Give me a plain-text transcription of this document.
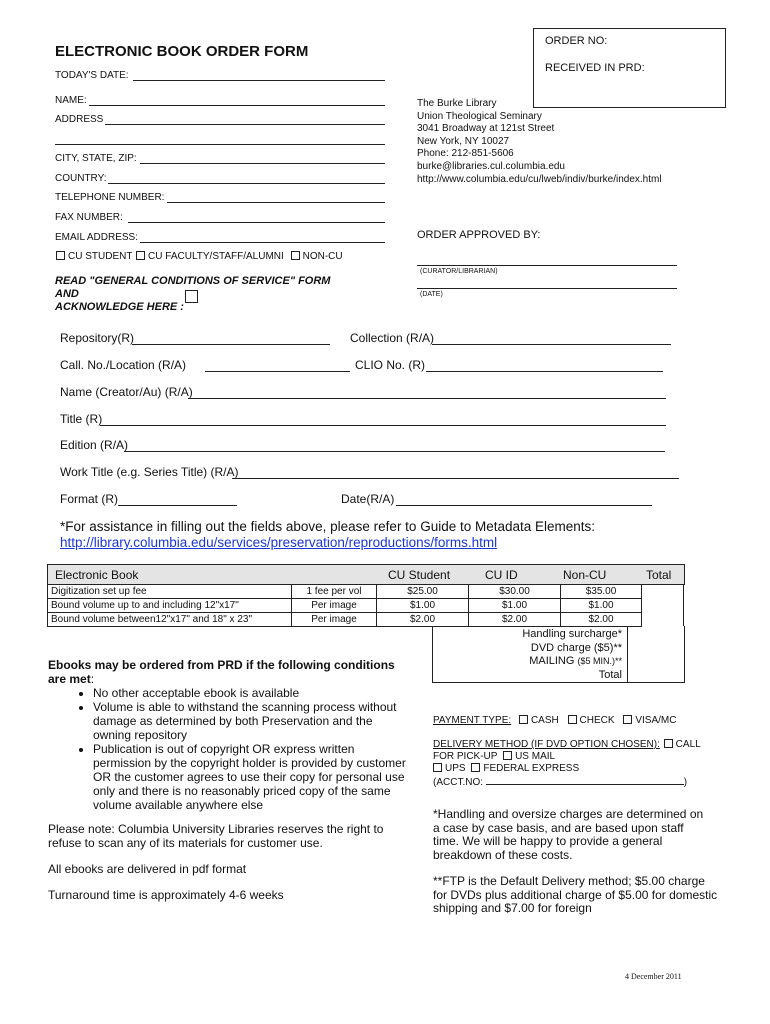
ORDER NO:
RECEIVED IN PRD:
ELECTRONIC BOOK ORDER FORM
TODAY'S DATE:
NAME:
ADDRESS
CITY, STATE, ZIP:
COUNTRY:
TELEPHONE NUMBER:
FAX NUMBER:
EMAIL ADDRESS:
CU STUDENT CU FACULTY/STAFF/ALUMNI NON-CU
READ "GENERAL CONDITIONS OF SERVICE" FORM AND
ACKNOWLEDGE HERE :
The Burke Library
Union Theological Seminary
3041 Broadway at 121st Street
New York, NY 10027
Phone: 212-851-5606
burke@libraries.cul.columbia.edu
http://www.columbia.edu/cu/lweb/indiv/burke/index.html
ORDER APPROVED BY:
(CURATOR/LIBRARIAN)
(DATE)
Repository(R)	Collection (R/A)
Call. No./Location (R/A)	CLIO No. (R)
Name (Creator/Au) (R/A)
Title (R)
Edition (R/A)
Work Title (e.g. Series Title) (R/A)
Format (R)	Date(R/A)
*For assistance in filling out the fields above, please refer to Guide to Metadata Elements:
http://library.columbia.edu/services/preservation/reproductions/forms.html
Electronic Book	CU Student	CU ID	Non-CU	Total
Digitization set up fee	1 fee per vol	$25.00	$30.00	$35.00
Bound volume up to and including 12"x17"	Per image	$1.00	$1.00	$1.00
Bound volume between12"x17" and 18" x 23"	Per image	$2.00	$2.00	$2.00
Handling surcharge*
DVD charge ($5)**
MAILING ($5 MIN.)**
Total
Ebooks may be ordered from PRD if the following conditions are met:
• No other acceptable ebook is available
• Volume is able to withstand the scanning process without damage as determined by both Preservation and the owning repository
• Publication is out of copyright OR express written permission by the copyright holder is provided by customer OR the customer agrees to use their copy for personal use only and there is no reasonably priced copy of the same volume available anywhere else
Please note: Columbia University Libraries reserves the right to refuse to scan any of its materials for customer use.
All ebooks are delivered in pdf format
Turnaround time is approximately 4-6 weeks
PAYMENT TYPE: CASH CHECK VISA/MC
DELIVERY METHOD (IF DVD OPTION CHOSEN): CALL
FOR PICK-UP US MAIL
UPS FEDERAL EXPRESS
(ACCT.NO:	)
*Handling and oversize charges are determined on a case by case basis, and are based upon staff time. We will be happy to provide a general breakdown of these costs.
**FTP is the Default Delivery method; $5.00 charge for DVDs plus additional charge of $5.00 for domestic shipping and $7.00 for foreign
4 December 2011
